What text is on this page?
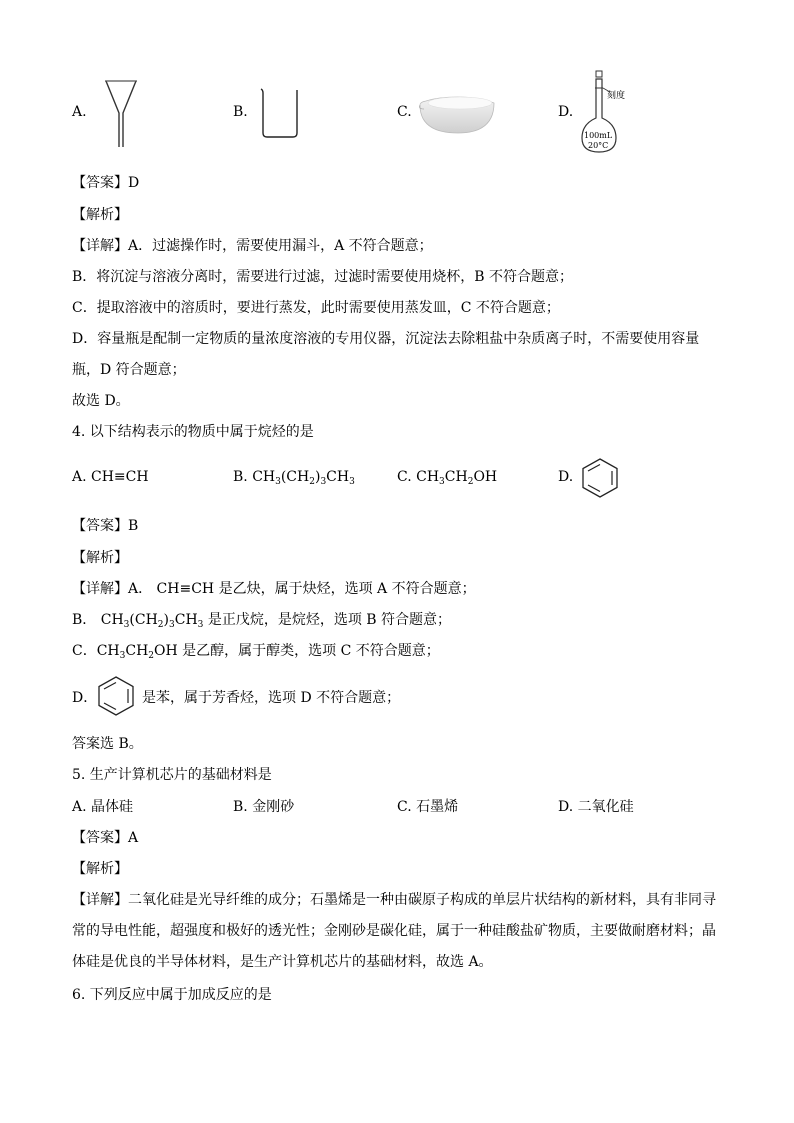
A.	B.	C.	D.
刻度
100mL
20°C
【答案】D
【解析】
【详解】A．过滤操作时，需要使用漏斗，A 不符合题意；
B．将沉淀与溶液分离时，需要进行过滤，过滤时需要使用烧杯，B 不符合题意；
C．提取溶液中的溶质时，要进行蒸发，此时需要使用蒸发皿，C 不符合题意；
D．容量瓶是配制一定物质的量浓度溶液的专用仪器，沉淀法去除粗盐中杂质离子时，不需要使用容量
瓶，D 符合题意；
故选 D。
4. 以下结构表示的物质中属于烷烃的是
A. CH≡CH	B. $CH_3(CH_2)_3CH_3$	C. $CH_3CH_2OH$	D.
【答案】B
【解析】
【详解】A． CH≡CH 是乙炔，属于炔烃，选项 A 不符合题意；
B． $CH_3(CH_2)_3CH_3$ 是正戊烷，是烷烃，选项 B 符合题意；
C．$CH_3CH_2OH$ 是乙醇，属于醇类，选项 C 不符合题意；
D．	是苯，属于芳香烃，选项 D 不符合题意；
答案选 B。
5. 生产计算机芯片的基础材料是
A. 晶体硅	B. 金刚砂	C. 石墨烯	D. 二氧化硅
【答案】A
【解析】
【详解】二氧化硅是光导纤维的成分；石墨烯是一种由碳原子构成的单层片状结构的新材料，具有非同寻
常的导电性能，超强度和极好的透光性；金刚砂是碳化硅，属于一种硅酸盐矿物质，主要做耐磨材料；晶
体硅是优良的半导体材料，是生产计算机芯片的基础材料，故选 A。
6. 下列反应中属于加成反应的是
